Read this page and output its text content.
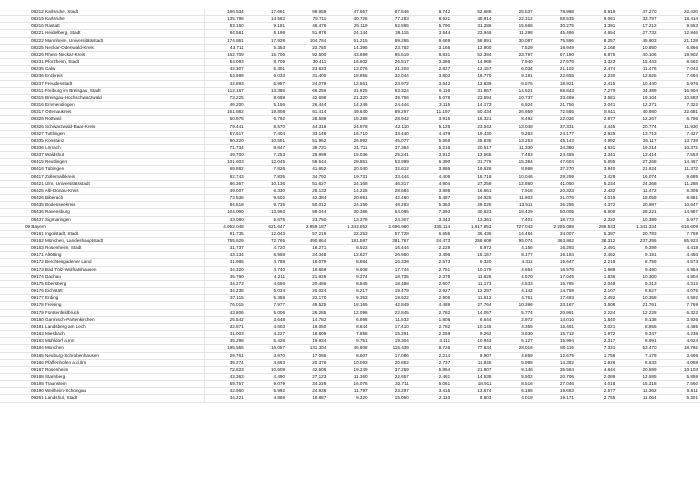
08212 Karlsruhe, Stadt	166.534	17.661	99.959	47.957	87.546	8.742	52.688	25.537	78.988	8.919	47.270	22.420
08215 Karlsruhe	135.798	14.582	79.711	40.726	77.263	8.521	45.914	22.312	58.535	6.061	33.797	18.414
08216 Rastatt	83.160	9.181	48.476	25.119	52.885	5.790	31.286	15.566	30.275	3.391	17.212	9.553
08221 Heidelberg, Stadt	84.581	8.198	51.876	24.144	39.115	3.544	23.946	11.298	45.466	4.654	27.732	12.846
08222 Mannheim, Universitätsstadt	174.861	17.928	104.784	51.215	99.265	9.669	58.891	30.087	75.596	8.257	45.903	21.128
08225 Neckar-Odenwald-Kreis	43.711	5.353	23.750	14.395	23.762	3.185	12.900	7.529	19.949	2.168	10.850	6.866
08226 Rhein-Neckar-Kreis	152.709	15.706	92.500	43.699	85.519	8.831	52.394	23.797	67.190	6.875	40.106	19.902
08231 Pforzheim, Stadt	54.093	8.709	30.411	16.602	26.517	3.386	14.968	7.940	27.576	3.323	15.443	8.662
08235 Calw	42.307	5.301	23.633	13.076	21.203	2.827	12.157	6.034	21.102	2.474	11.476	7.042
08236 Enzkreis	54.699	6.033	31.400	18.855	32.044	3.803	18.770	9.181	22.655	2.230	12.625	7.664
08237 Freudenstadt	42.893	5.957	24.079	12.551	23.972	3.542	13.639	6.575	18.921	2.415	10.440	5.976
08311 Freiburg im Breisgau, Stadt	112.167	13.386	66.256	31.825	53.324	6.116	31.867	14.521	58.843	7.270	34.389	16.904
08315 Breisgau-Hochschwarzwald	73.225	8.659	42.698	21.320	39.756	5.078	23.594	10.737	33.469	3.581	19.104	10.583
08316 Emmendingen	46.200	5.156	26.444	14.246	24.444	3.115	14.173	6.924	21.756	2.041	12.271	7.322
08317 Ortenaukreis	161.882	19.808	91.414	49.640	89.297	11.197	50.434	26.959	72.585	8.611	40.980	22.681
08325 Rottweil	50.978	6.792	28.588	15.288	28.942	3.915	16.321	8.492	22.036	2.877	12.267	6.796
08326 Schwarzwald-Baar-Kreis	79.441	8.570	44.316	24.978	42.110	5.125	23.542	13.048	37.331	4.445	20.774	11.930
08327 Tuttlingen	57.617	7.404	33.146	16.710	33.440	4.479	19.430	9.263	24.177	2.925	13.713	7.427
08335 Konstanz	90.220	10.551	51.952	26.992	45.077	5.559	25.835	13.253	45.143	4.992	26.117	13.739
08336 Lörrach	71.734	8.847	39.731	21.711	37.354	5.216	20.517	11.330	34.380	4.631	19.214	10.372
08337 Waldshut	49.700	7.253	26.999	15.036	25.241	3.912	13.565	7.483	24.459	3.341	13.414	7.553
08415 Reutlingen	101.603	12.045	59.544	29.851	53.999	6.390	31.776	15.384	47.604	5.655	27.268	14.467
08416 Tübingen	69.882	7.826	41.652	20.040	32.612	3.886	19.628	8.868	37.270	3.940	21.824	11.372
08417 Zollernalbkreis	62.743	7.835	34.792	19.731	33.444	4.406	18.718	10.046	29.299	3.429	16.074	9.685
08421 Ulm, Universitätsstadt	86.367	10.136	51.627	24.168	46.317	4.904	27.259	12.860	41.050	5.234	24.368	11.288
08425 Alb-Donau-Kreis	49.007	6.330	28.133	14.225	28.684	3.898	16.661	7.916	20.323	2.432	11.472	6.309
08426 Biberach	73.536	9.502	42.384	20.691	42.460	5.487	24.925	11.803	31.076	4.015	18.059	8.881
08435 Bodenseekreis	84.518	9.735	50.012	24.159	48.263	5.363	29.025	13.511	36.255	4.372	20.987	10.647
08436 Ravensburg	104.090	13.993	59.044	30.386	54.085	7.393	30.623	15.429	50.005	6.600	28.221	14.957
08437 Sigmaringen	43.080	5.675	23.750	13.378	24.307	3.343	13.361	7.401	18.773	2.332	10.389	5.977
09 Bayern	4.952.048	621.647	2.959.187	1.343.652	2.696.960	335.114	1.617.853	727.043	2.255.088	286.533	1.341.334	616.609
09161 Ingolstadt, Stadt	91.735	12.043	57.219	22.253	57.728	6.656	36.436	14.484	34.007	5.387	20.783	7.769
09162 München, Landeshauptstadt	755.629	72.765	490.864	181.597	391.767	34.473	258.608	95.074	363.862	38.312	237.256	85.923
09163 Rosenheim, Stadt	31.737	4.720	18.271	8.522	15.444	2.229	8.972	4.156	16.293	2.491	9.299	4.418
09171 Altötting	43.134	5.958	24.348	12.627	26.950	3.496	15.157	8.177	16.184	2.462	9.191	4.450
09172 Berchtesgadener Land	31.985	4.788	18.079	8.884	16.338	2.573	9.320	4.311	15.647	2.215	8.759	4.573
09173 Bad Tölz-Wolfratshausen	34.320	4.740	19.669	9.608	17.744	2.751	10.179	4.654	16.576	1.989	9.490	4.954
09174 Dachau	35.760	4.211	21.926	9.374	18.735	2.375	11.626	4.570	17.045	1.836	10.300	4.804
09175 Ebersberg	34.273	4.656	20.486	8.845	18.488	2.607	11.173	4.533	15.785	2.049	9.313	4.312
09176 Eichstätt	34.238	5.034	20.024	8.217	19.479	2.927	12.297	4.142	14.759	2.107	8.527	4.075
09177 Erding	37.115	5.358	22.170	9.353	19.622	2.906	11.612	4.761	17.493	2.452	10.358	4.592
09178 Freising	76.015	7.977	49.525	18.165	42.849	4.489	27.764	10.396	33.167	3.508	21.761	7.769
09179 Fürstenfeldbruck	43.806	5.006	26.285	12.096	22.845	2.782	14.057	5.774	20.961	2.224	12.228	6.322
09180 Garmisch-Partenkirchen	25.542	3.648	14.782	6.898	11.532	1.808	6.644	2.972	14.010	1.840	8.138	3.926
09181 Landsberg am Lech	32.871	4.603	19.050	8.844	17.410	2.782	10.145	4.355	15.461	2.021	8.855	4.485
09182 Miesbach	31.003	4.227	18.609	7.858	15.291	2.259	9.262	3.630	15.712	1.972	9.347	4.238
09183 Mühldorf a.Inn	35.298	5.428	19.934	9.751	19.304	3.111	10.943	5.127	15.994	2.317	8.991	4.624
09184 München	195.555	16.057	131.304	46.808	115.439	8.726	77.834	28.016	80.116	7.331	53.470	18.792
09185 Neuburg-Schrobenhausen	29.761	3.970	17.085	8.507	17.086	2.214	9.907	4.859	12.675	1.756	7.178	3.698
09186 Pfaffenhofen a.d.Ilm	35.274	4.663	20.378	10.083	20.882	2.737	11.845	5.995	14.392	1.926	8.533	4.088
09187 Rosenheim	72.823	10.508	42.506	19.249	37.259	5.864	21.907	9.146	35.564	4.644	20.599	10.103
09188 Starnberg	43.363	4.490	27.123	11.360	22.657	2.461	14.538	5.502	20.706	2.089	12.585	5.858
09189 Traunstein	59.757	9.079	34.229	16.076	32.711	5.061	18.911	8.516	27.046	4.018	15.318	7.560
09190 Weilheim-Schongau	42.960	5.992	24.936	11.797	23.297	3.415	13.574	6.186	19.663	2.577	11.362	5.611
09261 Landshut, Stadt	34.221	4.865	19.887	9.320	15.050	2.110	8.803	4.019	19.171	2.755	11.064	5.301
